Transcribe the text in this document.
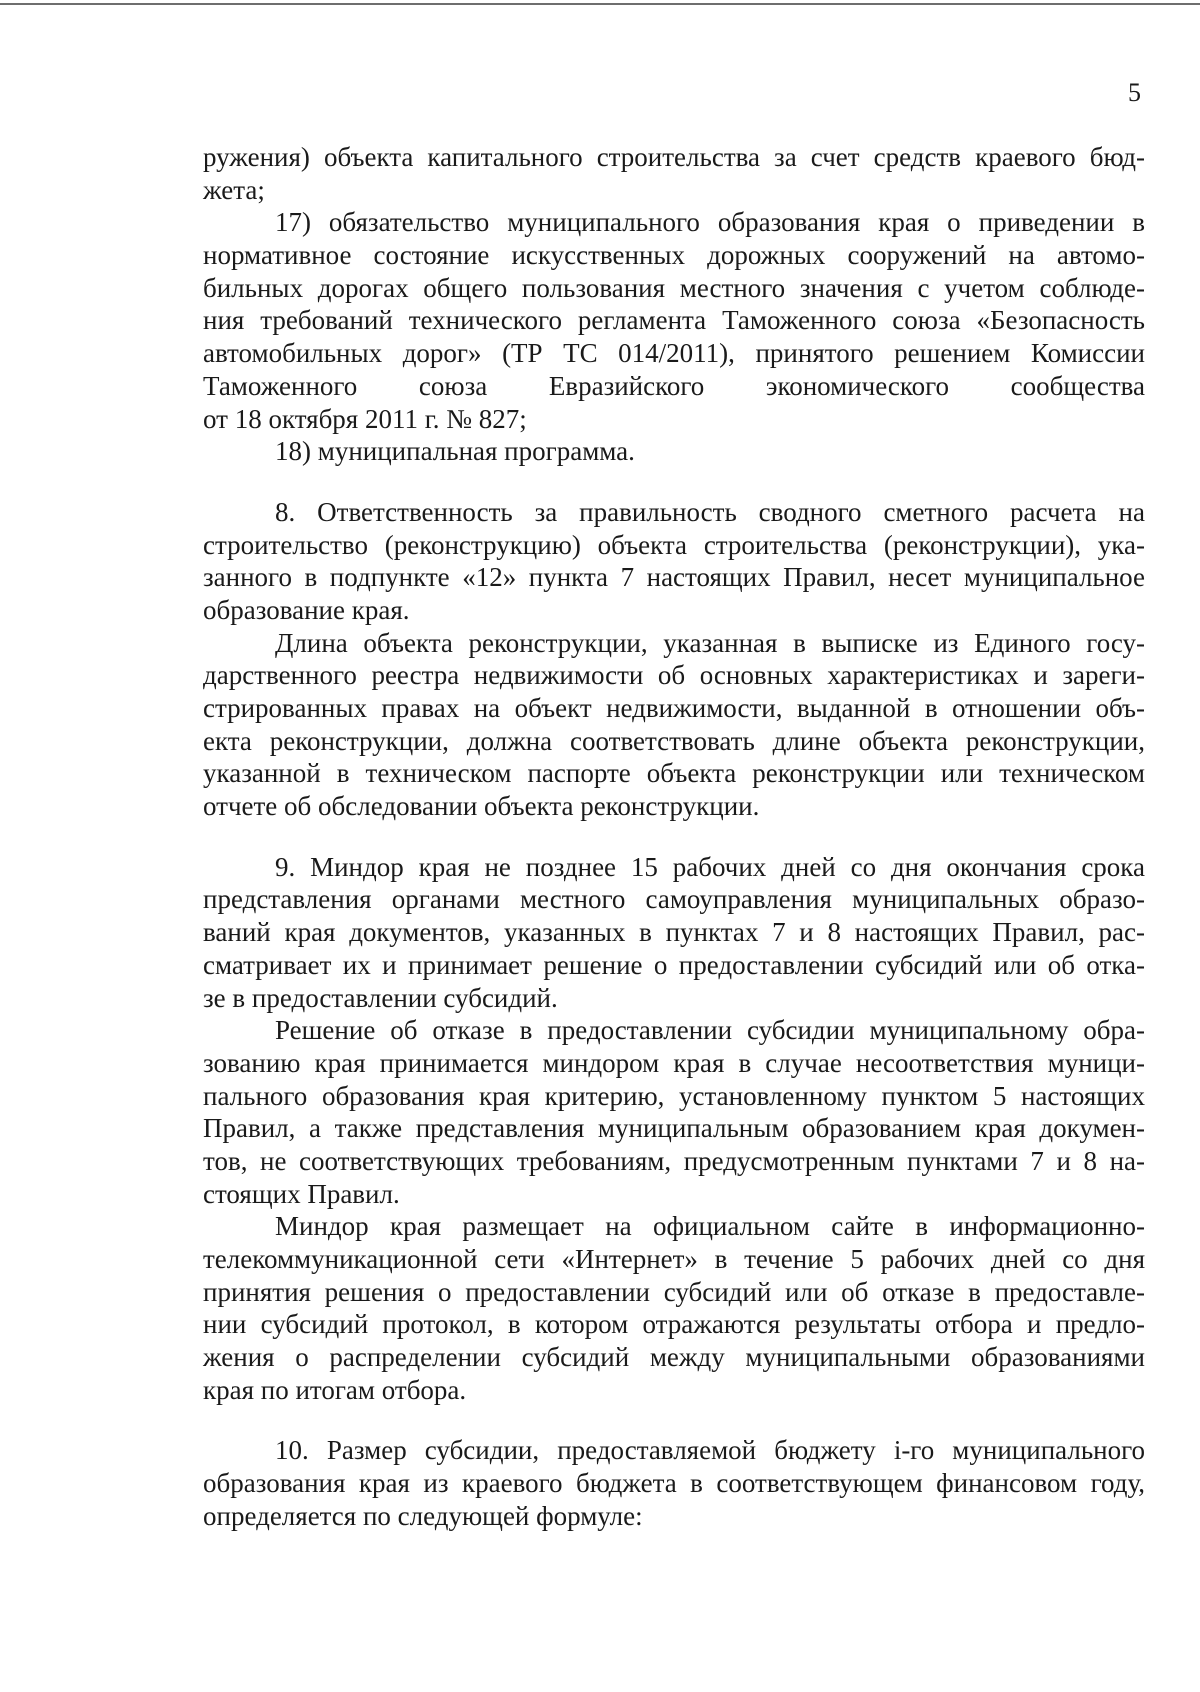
5
ружения) объекта капитального строительства за счет средств краевого бюд-
жета;
17) обязательство муниципального образования края о приведении в
нормативное состояние искусственных дорожных сооружений на автомо-
бильных дорогах общего пользования местного значения с учетом соблюде-
ния требований технического регламента Таможенного союза «Безопасность
автомобильных дорог» (ТР ТС 014/2011), принятого решением Комиссии
Таможенного союза Евразийского экономического сообщества
от 18 октября 2011 г. № 827;
18) муниципальная программа.
8. Ответственность за правильность сводного сметного расчета на
строительство (реконструкцию) объекта строительства (реконструкции), ука-
занного в подпункте «12» пункта 7 настоящих Правил, несет муниципальное
образование края.
Длина объекта реконструкции, указанная в выписке из Единого госу-
дарственного реестра недвижимости об основных характеристиках и зареги-
стрированных правах на объект недвижимости, выданной в отношении объ-
екта реконструкции, должна соответствовать длине объекта реконструкции,
указанной в техническом паспорте объекта реконструкции или техническом
отчете об обследовании объекта реконструкции.
9. Миндор края не позднее 15 рабочих дней со дня окончания срока
представления органами местного самоуправления муниципальных образо-
ваний края документов, указанных в пунктах 7 и 8 настоящих Правил, рас-
сматривает их и принимает решение о предоставлении субсидий или об отка-
зе в предоставлении субсидий.
Решение об отказе в предоставлении субсидии муниципальному обра-
зованию края принимается миндором края в случае несоответствия муници-
пального образования края критерию, установленному пунктом 5 настоящих
Правил, а также представления муниципальным образованием края докумен-
тов, не соответствующих требованиям, предусмотренным пунктами 7 и 8 на-
стоящих Правил.
Миндор края размещает на официальном сайте в информационно-
телекоммуникационной сети «Интернет» в течение 5 рабочих дней со дня
принятия решения о предоставлении субсидий или об отказе в предоставле-
нии субсидий протокол, в котором отражаются результаты отбора и предло-
жения о распределении субсидий между муниципальными образованиями
края по итогам отбора.
10. Размер субсидии, предоставляемой бюджету i-го муниципального
образования края из краевого бюджета в соответствующем финансовом году,
определяется по следующей формуле:
